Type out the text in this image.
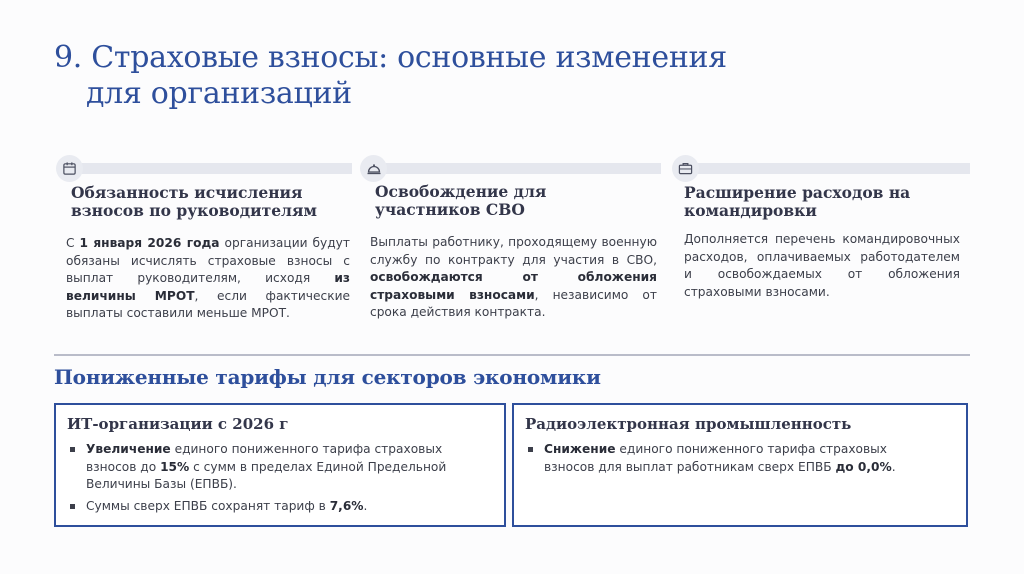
9. Страховые взносы: основные изменения
для организаций
Обязанность исчисления
взносов по руководителям
С 1 января 2026 года организации будут обязаны исчислять страховые взносы с выплат руководителям, исходя из величины МРОТ, если фактические выплаты составили меньше МРОТ.
Освобождение для
участников СВО
Выплаты работнику, проходящему военную службу по контракту для участия в СВО, освобождаются от обложения страховыми взносами, независимо от срока действия контракта.
Расширение расходов на
командировки
Дополняется перечень командировочных расходов, оплачиваемых работодателем и освобождаемых от обложения страховыми взносами.
Пониженные тарифы для секторов экономики
ИТ-организации с 2026 г
Увеличение единого пониженного тарифа страховых взносов до 15% с сумм в пределах Единой Предельной Величины Базы (ЕПВБ).
Суммы сверх ЕПВБ сохранят тариф в 7,6%.
Радиоэлектронная промышленность
Снижение единого пониженного тарифа страховых взносов для выплат работникам сверх ЕПВБ до 0,0%.
